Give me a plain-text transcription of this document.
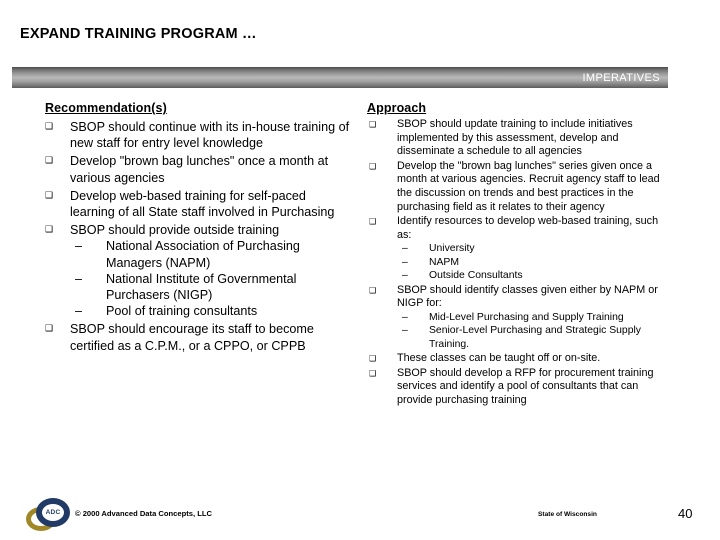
EXPAND TRAINING PROGRAM …
IMPERATIVES
Recommendation(s)
❑	SBOP should continue with its in-house training of new staff for entry level knowledge
❑	Develop "brown bag lunches" once a month at various agencies
❑	Develop web-based training for self-paced learning of all State staff involved in Purchasing
❑	SBOP should provide outside training
– National Association of Purchasing Managers (NAPM)
– National Institute of Governmental Purchasers (NIGP)
– Pool of training consultants
❑	SBOP should encourage its staff to become certified as a C.P.M., or a CPPO, or CPPB
Approach
❑	SBOP should update training to include initiatives implemented by this assessment, develop and disseminate a schedule to all agencies
❑	Develop the "brown bag lunches" series given once a month at various agencies. Recruit agency staff to lead the discussion on trends and best practices in the purchasing field as it relates to their agency
❑	Identify resources to develop web-based training, such as:
– University
– NAPM
– Outside Consultants
❑	SBOP should identify classes given either by NAPM or NIGP for:
– Mid-Level Purchasing and Supply Training
– Senior-Level Purchasing and Strategic Supply Training.
❑	These classes can be taught off or on-site.
❑	SBOP should develop a RFP for procurement training services and identify a pool of consultants that can provide purchasing training
ADC	© 2000 Advanced Data Concepts, LLC	State of Wisconsin	40
